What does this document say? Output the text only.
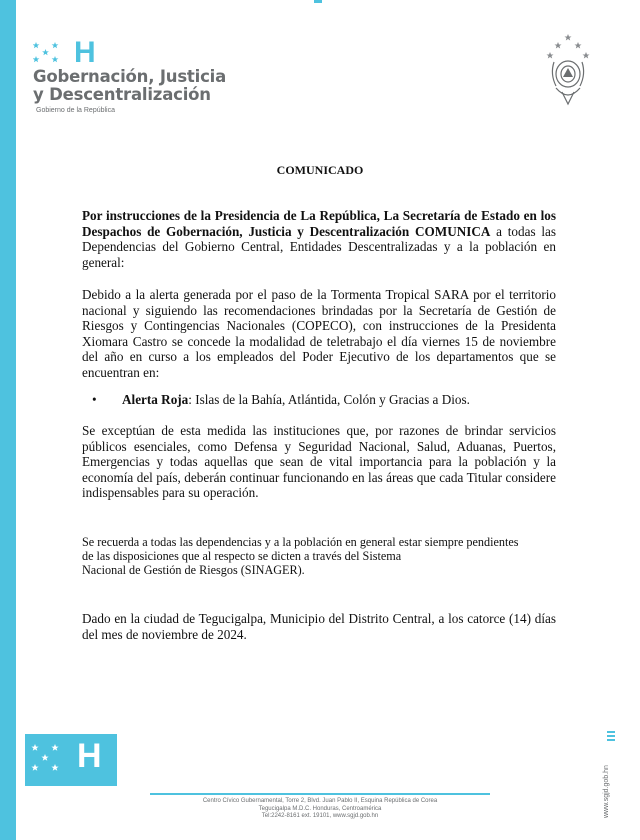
H
Gobernación, Justicia
y Descentralización
Gobierno de la República
COMUNICADO
Por instrucciones de la Presidencia de La República, La Secretaría de Estado en los Despachos de Gobernación, Justicia y Descentralización COMUNICA a todas las Dependencias del Gobierno Central, Entidades Descentralizadas y a la población en general:
Debido a la alerta generada por el paso de la Tormenta Tropical SARA por el territorio nacional y siguiendo las recomendaciones brindadas por la Secretaría de Gestión de Riesgos y Contingencias Nacionales (COPECO), con instrucciones de la Presidenta Xiomara Castro se concede la modalidad de teletrabajo el día viernes 15 de noviembre del año en curso a los empleados del Poder Ejecutivo de los departamentos que se encuentran en:
• Alerta Roja: Islas de la Bahía, Atlántida, Colón y Gracias a Dios.
Se exceptúan de esta medida las instituciones que, por razones de brindar servicios públicos esenciales, como Defensa y Seguridad Nacional, Salud, Aduanas, Puertos, Emergencias y todas aquellas que sean de vital importancia para la población y la economía del país, deberán continuar funcionando en las áreas que cada Titular considere indispensables para su operación.
Se recuerda a todas las dependencias y a la población en general estar siempre pendientes
de las disposiciones que al respecto se dicten a través del Sistema
Nacional de Gestión de Riesgos (SINAGER).
Dado en la ciudad de Tegucigalpa, Municipio del Distrito Central, a los catorce (14) días del mes de noviembre de 2024.
H
Centro Cívico Gubernamental, Torre 2, Blvd. Juan Pablo II, Esquina República de Corea
Tegucigalpa M.D.C. Honduras, Centroamérica
Tel:2242-8161 ext. 19101, www.sgjd.gob.hn	www.sgjd.gob.hn
